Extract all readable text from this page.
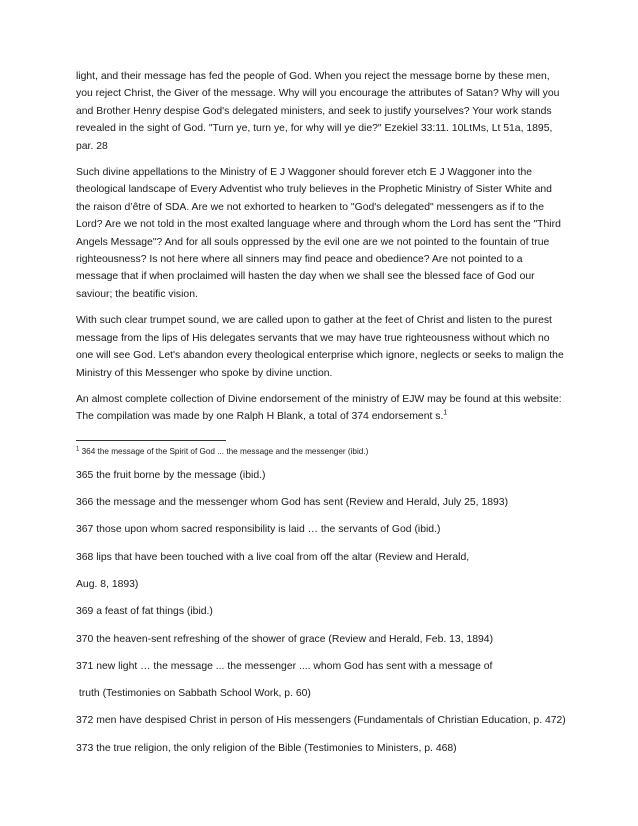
light, and their message has fed the people of God. When you reject the message borne by these men, you reject Christ, the Giver of the message. Why will you encourage the attributes of Satan? Why will you and Brother Henry despise God's delegated ministers, and seek to justify yourselves? Your work stands revealed in the sight of God. "Turn ye, turn ye, for why will ye die?" Ezekiel 33:11. 10LtMs, Lt 51a, 1895, par. 28

Such divine appellations to the Ministry of E J Waggoner should forever etch E J Waggoner into the theological landscape of Every Adventist who truly believes in the Prophetic Ministry of Sister White and the raison d’être of SDA. Are we not exhorted to hearken to "God's delegated" messengers as if to the Lord? Are we not told in the most exalted language where and through whom the Lord has sent the "Third Angels Message"? And for all souls oppressed by the evil one are we not pointed to the fountain of true righteousness? Is not here where all sinners may find peace and obedience? Are not pointed to a message that if when proclaimed will hasten the day when we shall see the blessed face of God our saviour; the beatific vision.

With such clear trumpet sound, we are called upon to gather at the feet of Christ and listen to the purest message from the lips of His delegates servants that we may have true righteousness without which no one will see God. Let's abandon every theological enterprise which ignore, neglects or seeks to malign the Ministry of this Messenger who spoke by divine unction.

An almost complete collection of Divine endorsement of the ministry of EJW may be found at this website: The compilation was made by one Ralph H Blank, a total of 374 endorsement s.$^1$

$^1$ 364 the message of the Spirit of God ... the message and the messenger (ibid.)

365 the fruit borne by the message (ibid.)

366 the message and the messenger whom God has sent (Review and Herald, July 25, 1893)

367 those upon whom sacred responsibility is laid … the servants of God (ibid.)

368 lips that have been touched with a live coal from off the altar (Review and Herald,

Aug. 8, 1893)

369 a feast of fat things (ibid.)

370 the heaven-sent refreshing of the shower of grace (Review and Herald, Feb. 13, 1894)

371 new light … the message ... the messenger .... whom God has sent with a message of

truth (Testimonies on Sabbath School Work, p. 60)

372 men have despised Christ in person of His messengers (Fundamentals of Christian Education, p. 472)

373 the true religion, the only religion of the Bible (Testimonies to Ministers, p. 468)
